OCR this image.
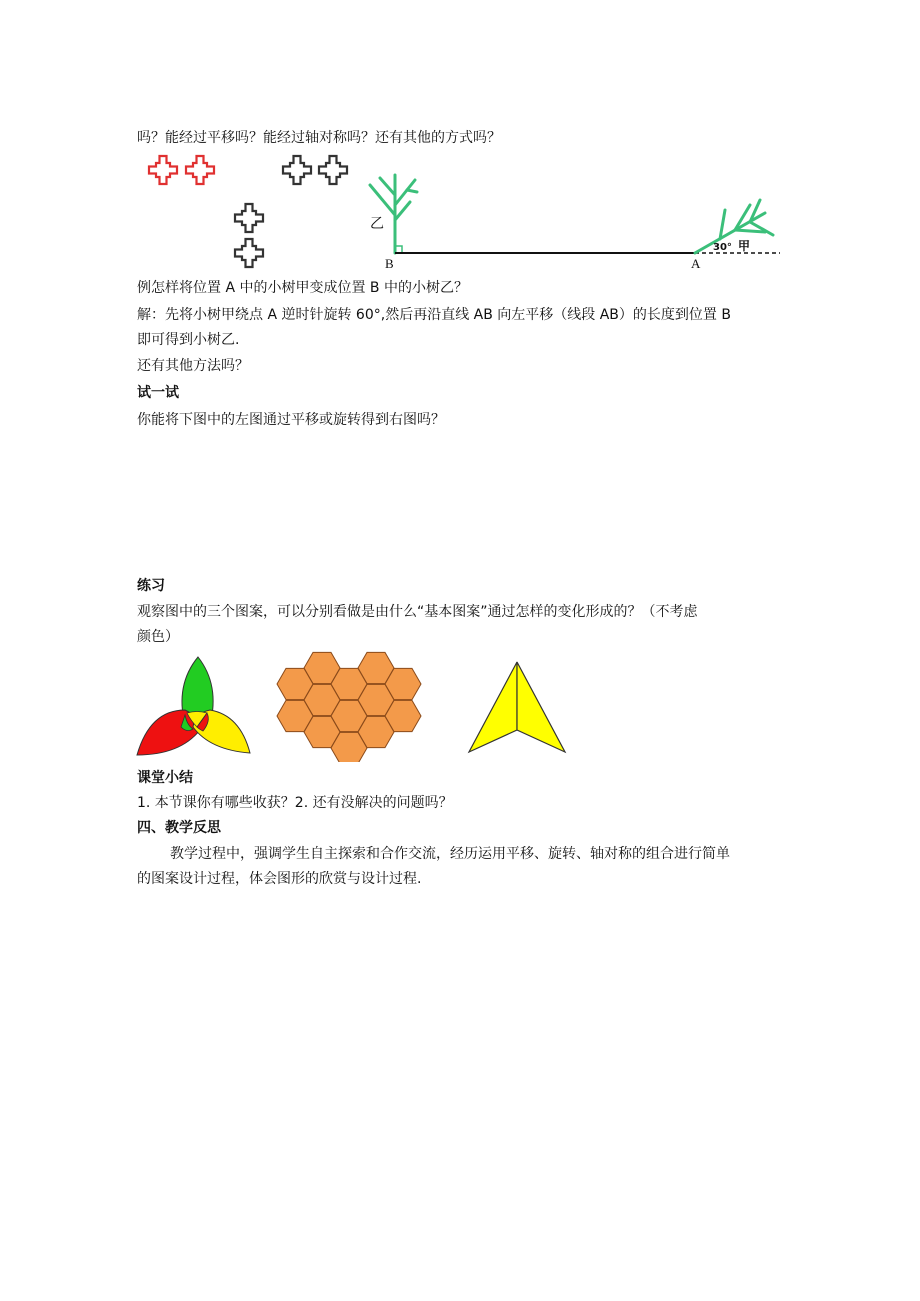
吗？能经过平移吗？能经过轴对称吗？还有其他的方式吗？
B	A
乙
30° 甲
例怎样将位置 A 中的小树甲变成位置 B 中的小树乙？
解：先将小树甲绕点 A 逆时针旋转 60°,然后再沿直线 AB 向左平移（线段 AB）的长度到位置 B
即可得到小树乙.
还有其他方法吗？
试一试
你能将下图中的左图通过平移或旋转得到右图吗？
练习
观察图中的三个图案，可以分别看做是由什么“基本图案”通过怎样的变化形成的？（不考虑
颜色）
课堂小结
1. 本节课你有哪些收获？2. 还有没解决的问题吗？
四、教学反思
教学过程中，强调学生自主探索和合作交流，经历运用平移、旋转、轴对称的组合进行简单
的图案设计过程，体会图形的欣赏与设计过程.
